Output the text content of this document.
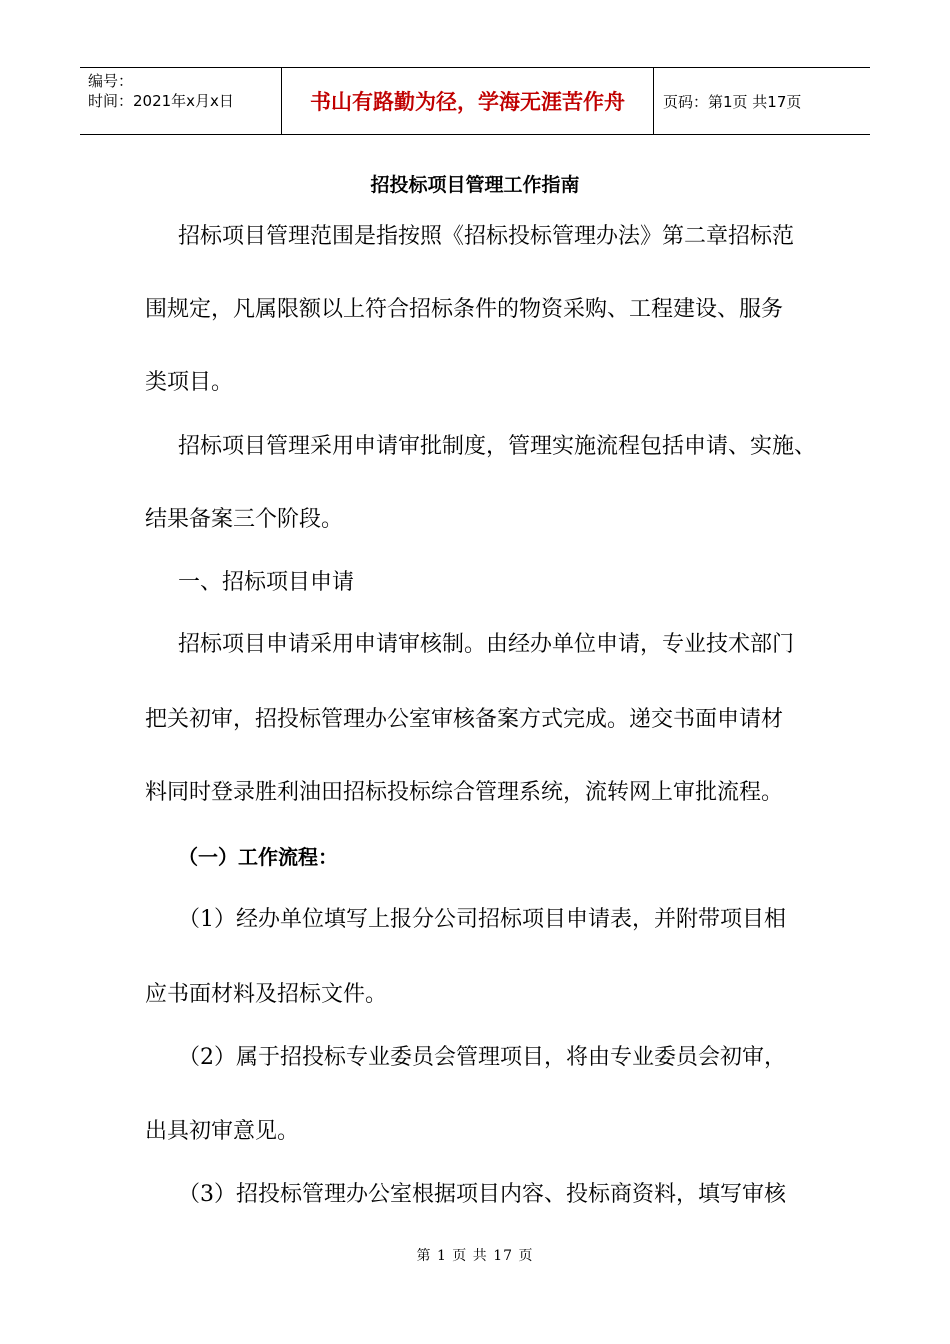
编号：
时间：2021年x月x日	书山有路勤为径，学海无涯苦作舟	页码：第1页 共17页
招投标项目管理工作指南
招标项目管理范围是指按照《招标投标管理办法》第二章招标范
围规定，凡属限额以上符合招标条件的物资采购、工程建设、服务
类项目。
招标项目管理采用申请审批制度，管理实施流程包括申请、实施、
结果备案三个阶段。
一、招标项目申请
招标项目申请采用申请审核制。由经办单位申请，专业技术部门
把关初审，招投标管理办公室审核备案方式完成。递交书面申请材
料同时登录胜利油田招标投标综合管理系统，流转网上审批流程。
（一）工作流程：
（1）经办单位填写上报分公司招标项目申请表，并附带项目相
应书面材料及招标文件。
（2）属于招投标专业委员会管理项目，将由专业委员会初审，
出具初审意见。
（3）招投标管理办公室根据项目内容、投标商资料，填写审核
第 1 页 共 17 页
